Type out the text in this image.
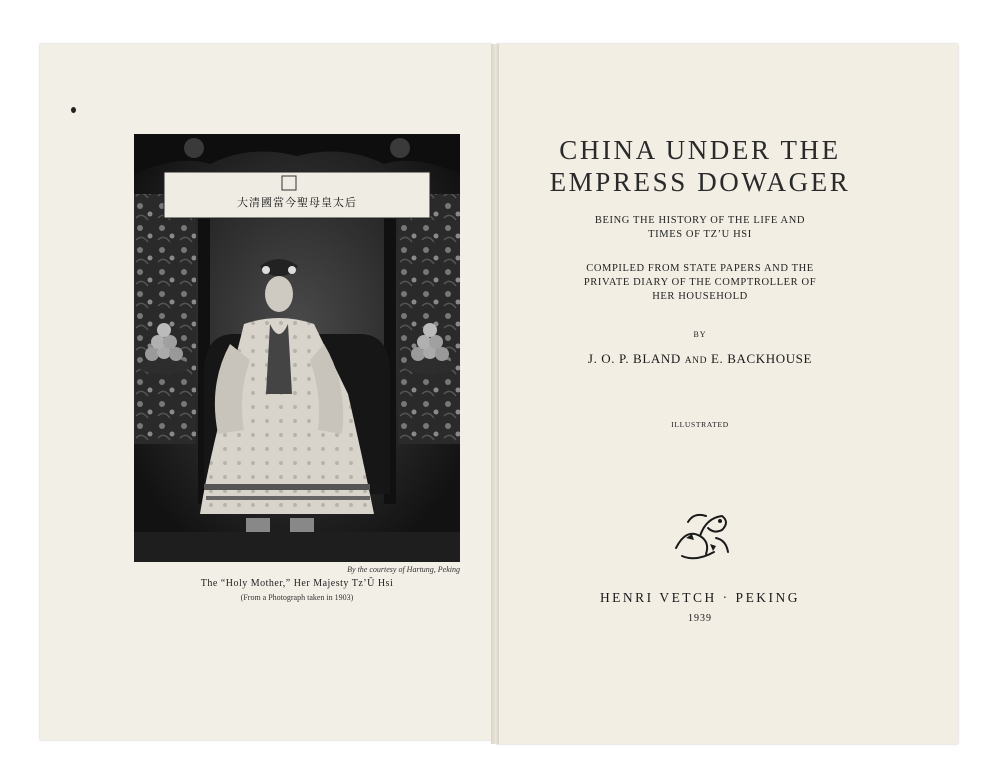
大清國當今聖母皇太后
By the courtesy of Hartung, Peking
The “Holy Mother,” Her Majesty Tz’Ŭ Hsi
(From a Photograph taken in 1903)
CHINA UNDER THE
EMPRESS DOWAGER
BEING THE HISTORY OF THE LIFE AND
TIMES OF TZ’U HSI
COMPILED FROM STATE PAPERS AND THE
PRIVATE DIARY OF THE COMPTROLLER OF
HER HOUSEHOLD
BY
J. O. P. BLAND AND E. BACKHOUSE
ILLUSTRATED
HENRI VETCH · PEKING
1939
